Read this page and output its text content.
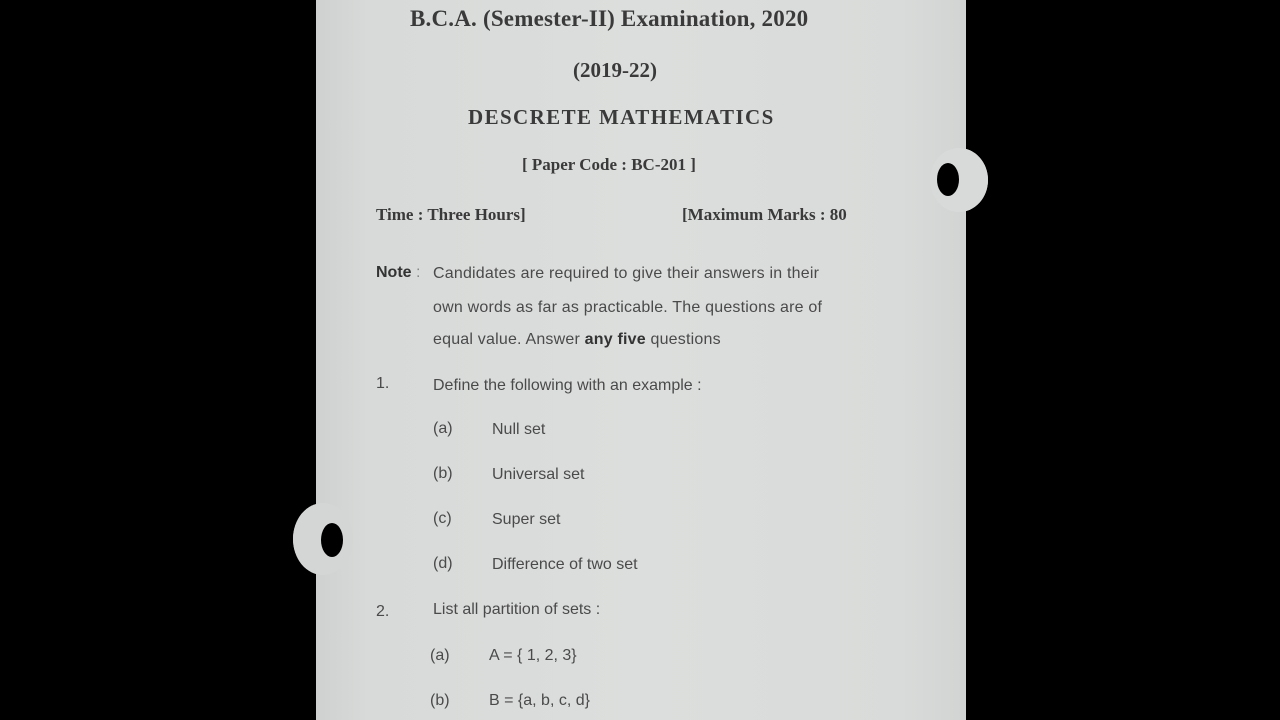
B.C.A. (Semester-II) Examination, 2020
(2019-22)
DESCRETE MATHEMATICS
[ Paper Code : BC-201 ]
Time : Three Hours]	[Maximum Marks : 80
Note : Candidates are required to give their answers in their
own words as far as practicable. The questions are of
equal value. Answer any five questions
1.	Define the following with an example :
(a) Null set
(b) Universal set
(c)	Super set
(d) Difference of two set
2.	List all partition of sets :
(a) A = { 1, 2, 3}
(b) B = {a, b, c, d}
